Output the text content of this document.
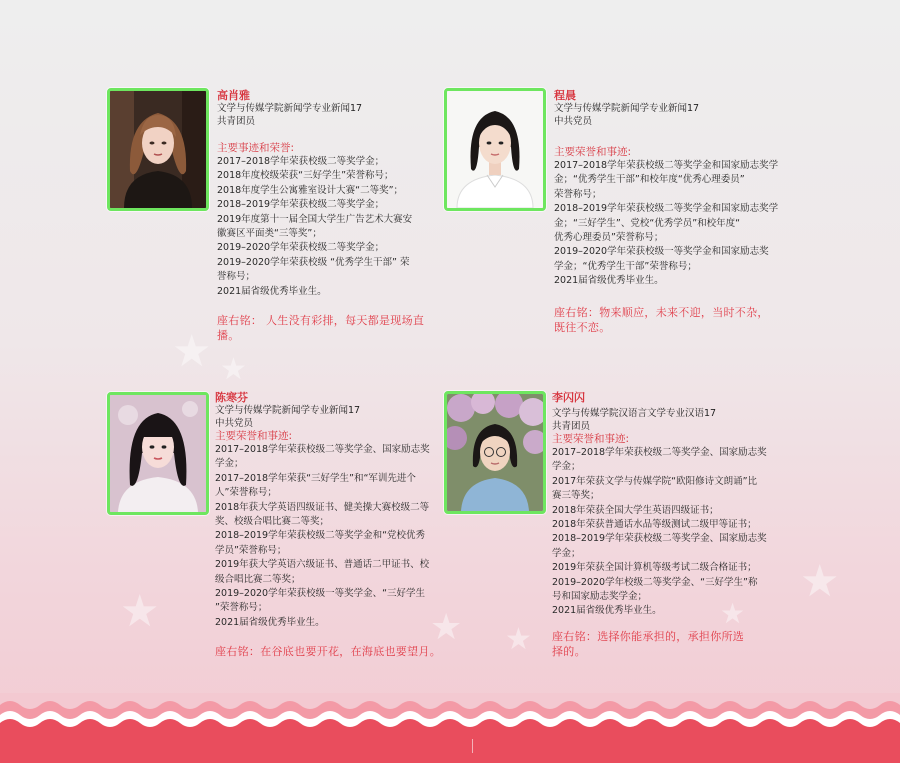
★ ★
★	★ ★
★
★
高肖雅
文学与传媒学院新闻学专业新闻17
共青团员
主要事迹和荣誉:
2017–2018学年荣获校级二等奖学金；
2018年度校级荣获“三好学生”荣誉称号；
2018年度学生公寓雅室设计大赛“二等奖”；
2018–2019学年荣获校级二等奖学金；
2019年度第十一届全国大学生广告艺术大赛安
徽赛区平面类“三等奖”；
2019–2020学年荣获校级二等奖学金；
2019–2020学年荣获校级 “优秀学生干部” 荣
誉称号；
2021届省级优秀毕业生。
座右铭： 人生没有彩排，每天都是现场直
播。
程晨
文学与传媒学院新闻学专业新闻17
中共党员
主要荣誉和事迹:
2017–2018学年荣获校级二等奖学金和国家励志奖学
金；“优秀学生干部”和校年度“优秀心理委员”
荣誉称号；
2018–2019学年荣获校级二等奖学金和国家励志奖学
金；“三好学生”、党校“优秀学员”和校年度“
优秀心理委员”荣誉称号；
2019–2020学年荣获校级一等奖学金和国家励志奖
学金；“优秀学生干部”荣誉称号；
2021届省级优秀毕业生。
座右铭：物来顺应，未来不迎，当时不杂，
既往不恋。
陈寒芬
文学与传媒学院新闻学专业新闻17
中共党员
主要荣誉和事迹:
2017–2018学年荣获校级二等奖学金、国家励志奖
学金；
2017–2018学年荣获“三好学生”和“军训先进个
人”荣誉称号；
2018年获大学英语四级证书、健美操大赛校级二等
奖、校级合唱比赛二等奖；
2018–2019学年荣获校级二等奖学金和“党校优秀
学员”荣誉称号；
2019年获大学英语六级证书、普通话二甲证书、校
级合唱比赛二等奖；
2019–2020学年荣获校级一等奖学金、“三好学生
”荣誉称号；
2021届省级优秀毕业生。
座右铭：在谷底也要开花，在海底也要望月。
李闪闪
文学与传媒学院汉语言文学专业汉语17
共青团员
主要荣誉和事迹:
2017–2018学年荣获校级二等奖学金、国家励志奖
学金；
2017年荣获文学与传媒学院“欧阳修诗文朗诵”比
赛三等奖；
2018年荣获全国大学生英语四级证书；
2018年荣获普通话水品等级测试二级甲等证书；
2018–2019学年荣获校级二等奖学金、国家励志奖
学金；
2019年荣获全国计算机等级考试二级合格证书；
2019–2020学年校级二等奖学金、“三好学生”称
号和国家励志奖学金；
2021届省级优秀毕业生。
座右铭：选择你能承担的，承担你所选
择的。
